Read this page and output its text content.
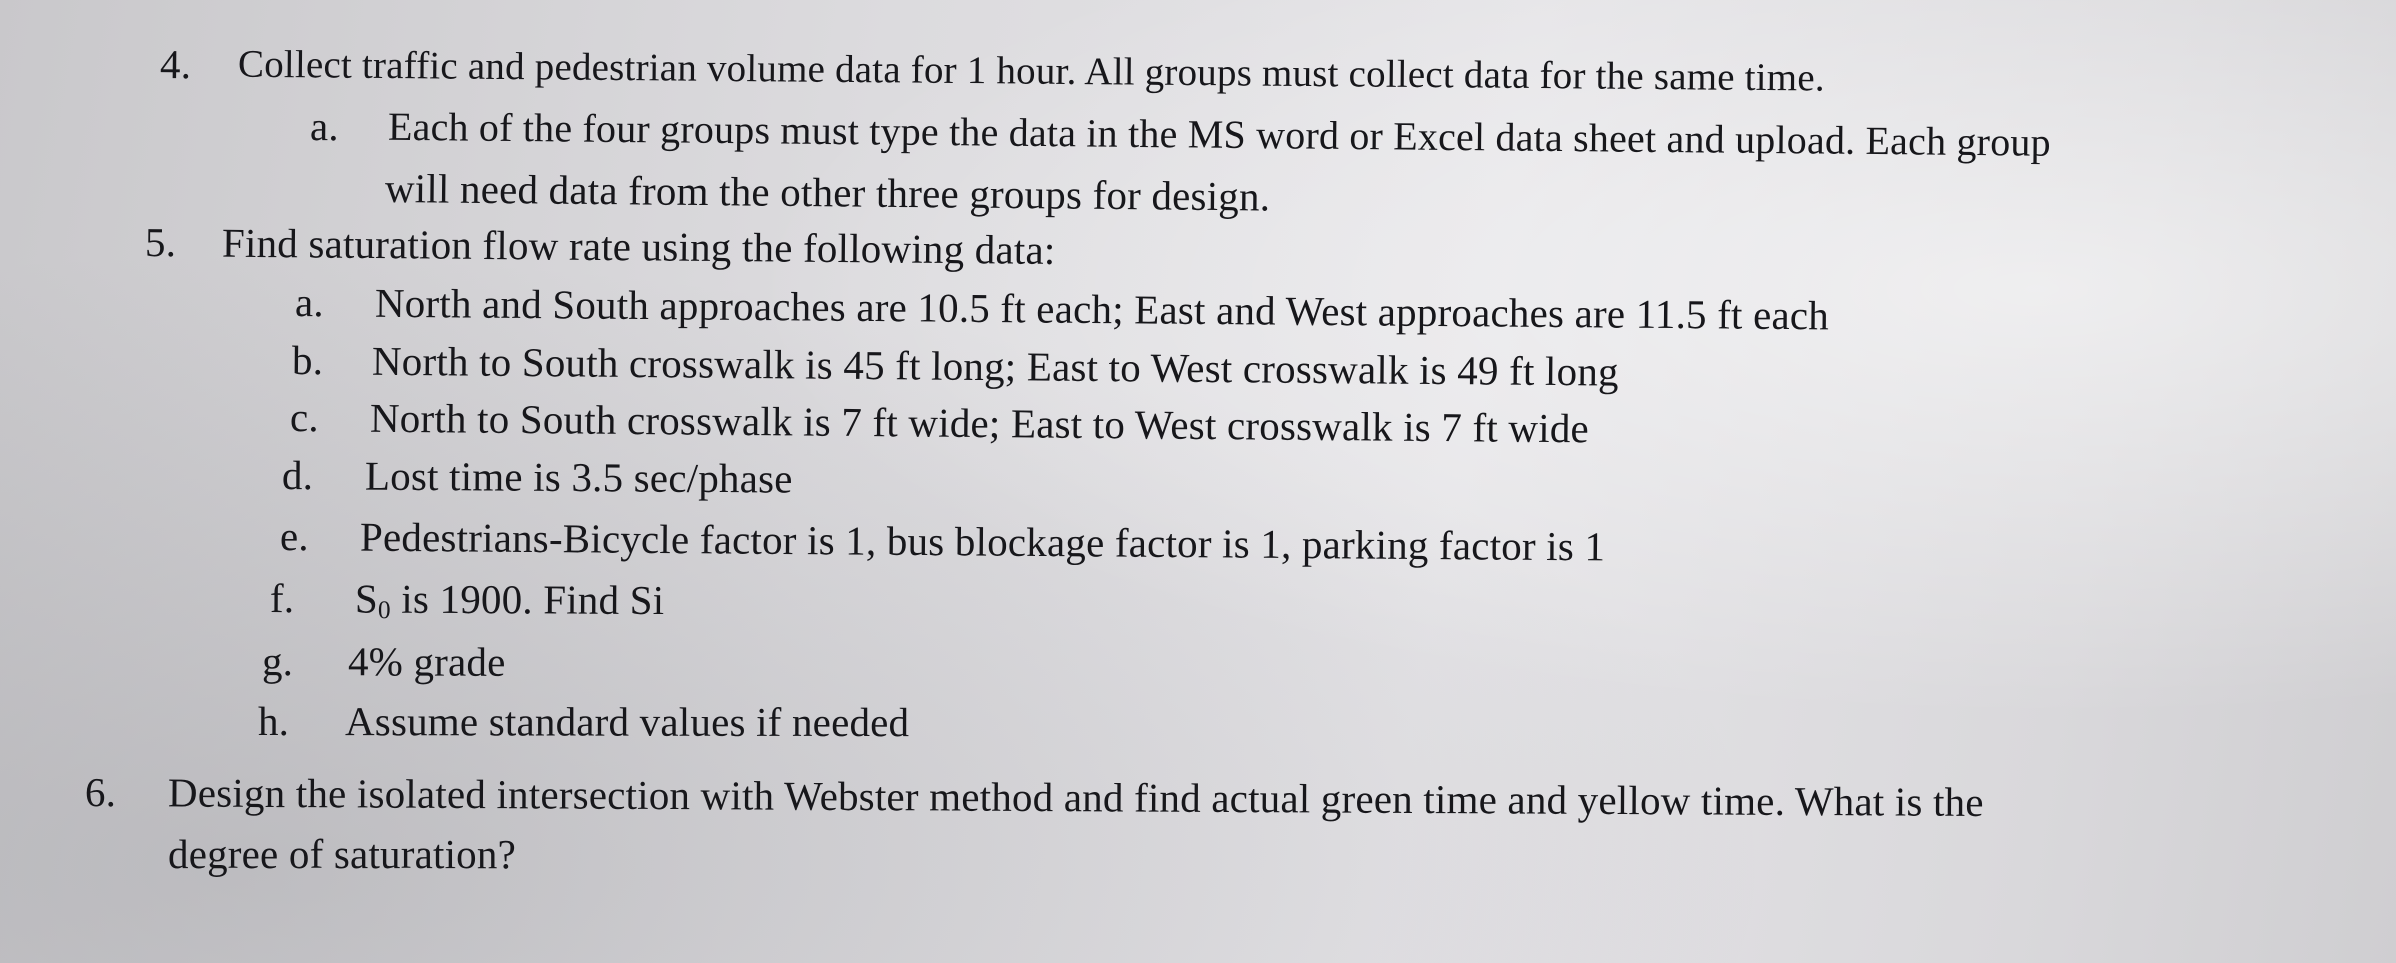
4. Collect traffic and pedestrian volume data for 1 hour. All groups must collect data for the same time.
a. Each of the four groups must type the data in the MS word or Excel data sheet and upload. Each group
will need data from the other three groups for design.
5. Find saturation flow rate using the following data:
a. North and South approaches are 10.5 ft each; East and West approaches are 11.5 ft each
b. North to South crosswalk is 45 ft long; East to West crosswalk is 49 ft long
c. North to South crosswalk is 7 ft wide; East to West crosswalk is 7 ft wide
d. Lost time is 3.5 sec/phase
e. Pedestrians-Bicycle factor is 1, bus blockage factor is 1, parking factor is 1
f. $S_0$ is 1900. Find Si
g. 4% grade
h. Assume standard values if needed
6. Design the isolated intersection with Webster method and find actual green time and yellow time. What is the
degree of saturation?
